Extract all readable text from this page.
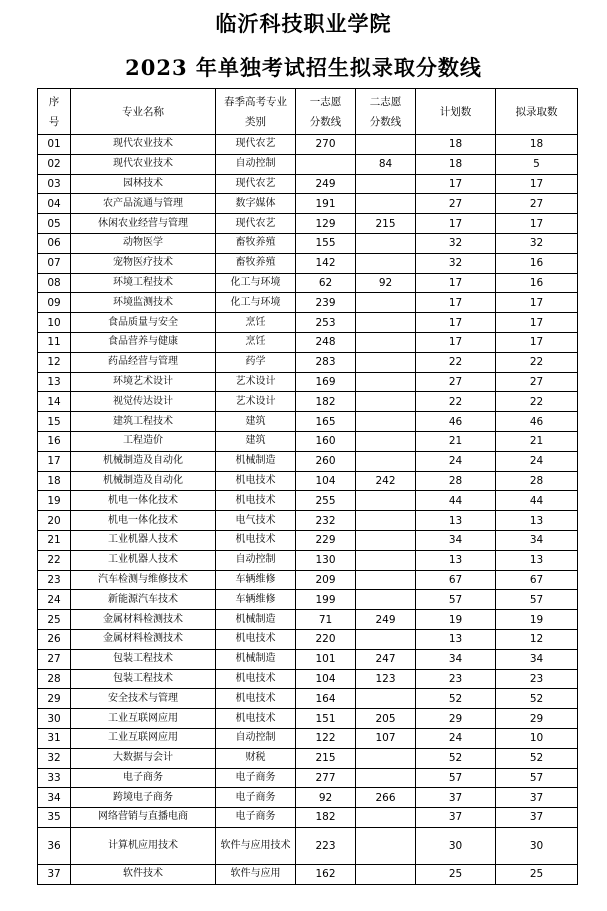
临沂科技职业学院
2023 年单独考试招生拟录取分数线
序号	专业名称	春季高考专业类别	一志愿分数线	二志愿分数线	计划数	拟录取数
01	现代农业技术	现代农艺	270		18	18
02	现代农业技术	自动控制		84	18	5
03	园林技术	现代农艺	249		17	17
04	农产品流通与管理	数字媒体	191		27	27
05	休闲农业经营与管理	现代农艺	129	215	17	17
06	动物医学	畜牧养殖	155		32	32
07	宠物医疗技术	畜牧养殖	142		32	16
08	环境工程技术	化工与环境	62	92	17	16
09	环境监测技术	化工与环境	239		17	17
10	食品质量与安全	烹饪	253		17	17
11	食品营养与健康	烹饪	248		17	17
12	药品经营与管理	药学	283		22	22
13	环境艺术设计	艺术设计	169		27	27
14	视觉传达设计	艺术设计	182		22	22
15	建筑工程技术	建筑	165		46	46
16	工程造价	建筑	160		21	21
17	机械制造及自动化	机械制造	260		24	24
18	机械制造及自动化	机电技术	104	242	28	28
19	机电一体化技术	机电技术	255		44	44
20	机电一体化技术	电气技术	232		13	13
21	工业机器人技术	机电技术	229		34	34
22	工业机器人技术	自动控制	130		13	13
23	汽车检测与维修技术	车辆维修	209		67	67
24	新能源汽车技术	车辆维修	199		57	57
25	金属材料检测技术	机械制造	71	249	19	19
26	金属材料检测技术	机电技术	220		13	12
27	包装工程技术	机械制造	101	247	34	34
28	包装工程技术	机电技术	104	123	23	23
29	安全技术与管理	机电技术	164		52	52
30	工业互联网应用	机电技术	151	205	29	29
31	工业互联网应用	自动控制	122	107	24	10
32	大数据与会计	财税	215		52	52
33	电子商务	电子商务	277		57	57
34	跨境电子商务	电子商务	92	266	37	37
35	网络营销与直播电商	电子商务	182		37	37
36	计算机应用技术	软件与应用技术	223		30	30
37	软件技术	软件与应用	162		25	25
